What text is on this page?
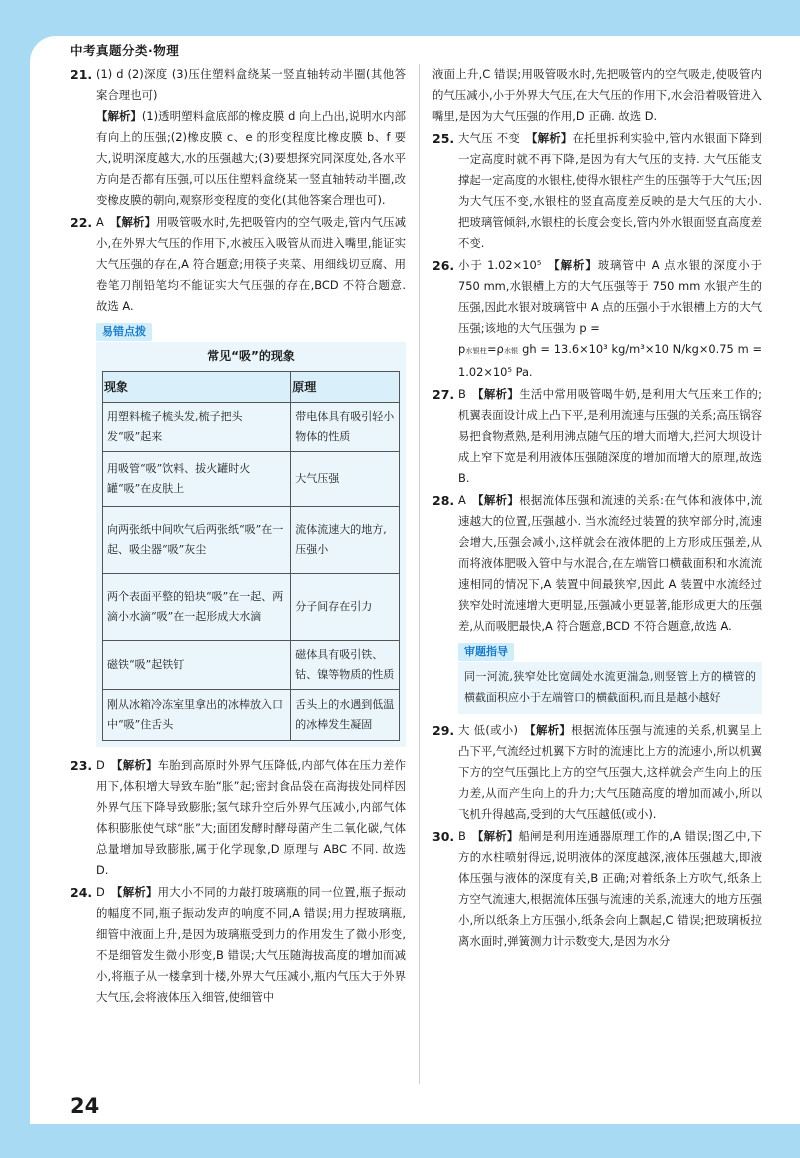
中考真题分类·物理
21. (1) d (2)深度 (3)压住塑料盒绕某一竖直轴转动半圈(其他答案合理也可)
【解析】(1)透明塑料盒底部的橡皮膜 d 向上凸出,说明水内部有向上的压强;(2)橡皮膜 c、e 的形变程度比橡皮膜 b、f 要大,说明深度越大,水的压强越大;(3)要想探究同深度处,各水平方向是否都有压强,可以压住塑料盒绕某一竖直轴转动半圈,改变橡皮膜的朝向,观察形变程度的变化(其他答案合理也可).
22. A 【解析】用吸管吸水时,先把吸管内的空气吸走,管内气压减小,在外界大气压的作用下,水被压入吸管从而进入嘴里,能证实大气压强的存在,A 符合题意;用筷子夹菜、用细线切豆腐、用卷笔刀削铅笔均不能证实大气压强的存在,BCD 不符合题意. 故选 A.
易错点拨
常见“吸”的现象
现象	原理
用塑料梳子梳头发,梳子把头发“吸”起来	带电体具有吸引轻小物体的性质
用吸管“吸”饮料、拔火罐时火罐“吸”在皮肤上	大气压强
向两张纸中间吹气后两张纸“吸”在一起、吸尘器“吸”灰尘	流体流速大的地方,压强小
两个表面平整的铅块“吸”在一起、两滴小水滴“吸”在一起形成大水滴	分子间存在引力
磁铁“吸”起铁钉	磁体具有吸引铁、钴、镍等物质的性质
刚从冰箱冷冻室里拿出的冰棒放入口中“吸”住舌头	舌头上的水遇到低温的冰棒发生凝固
23. D 【解析】车胎到高原时外界气压降低,内部气体在压力差作用下,体积增大导致车胎“胀”起;密封食品袋在高海拔处同样因外界气压下降导致膨胀;氢气球升空后外界气压减小,内部气体体积膨胀使气球“胀”大;面团发酵时酵母菌产生二氧化碳,气体总量增加导致膨胀,属于化学现象,D 原理与 ABC 不同. 故选 D.
24. D 【解析】用大小不同的力敲打玻璃瓶的同一位置,瓶子振动的幅度不同,瓶子振动发声的响度不同,A 错误;用力捏玻璃瓶,细管中液面上升,是因为玻璃瓶受到力的作用发生了微小形变,不是细管发生微小形变,B 错误;大气压随海拔高度的增加而减小,将瓶子从一楼拿到十楼,外界大气压减小,瓶内气压大于外界大气压,会将液体压入细管,使细管中
液面上升,C 错误;用吸管吸水时,先把吸管内的空气吸走,使吸管内的气压减小,小于外界大气压,在大气压的作用下,水会沿着吸管进入嘴里,是因为大气压强的作用,D 正确. 故选 D.
25. 大气压 不变 【解析】在托里拆利实验中,管内水银面下降到一定高度时就不再下降,是因为有大气压的支持. 大气压能支撑起一定高度的水银柱,使得水银柱产生的压强等于大气压;因为大气压不变,水银柱的竖直高度差反映的是大气压的大小. 把玻璃管倾斜,水银柱的长度会变长,管内外水银面竖直高度差不变.
26. 小于 1.02×10⁵ 【解析】玻璃管中 A 点水银的深度小于 750 mm,水银槽上方的大气压强等于 750 mm 水银产生的压强,因此水银对玻璃管中 A 点的压强小于水银槽上方的大气压强;该地的大气压强为 p =
p水银柱=ρ水银 gh = 13.6×10³ kg/m³×10 N/kg×0.75 m = 1.02×10⁵ Pa.
27. B 【解析】生活中常用吸管喝牛奶,是利用大气压来工作的;机翼表面设计成上凸下平,是利用流速与压强的关系;高压锅容易把食物煮熟,是利用沸点随气压的增大而增大,拦河大坝设计成上窄下宽是利用液体压强随深度的增加而增大的原理,故选 B.
28. A 【解析】根据流体压强和流速的关系:在气体和液体中,流速越大的位置,压强越小. 当水流经过装置的狭窄部分时,流速会增大,压强会减小,这样就会在液体肥的上方形成压强差,从而将液体肥吸入管中与水混合,在左端管口横截面积和水流流速相同的情况下,A 装置中间最狭窄,因此 A 装置中水流经过狭窄处时流速增大更明显,压强减小更显著,能形成更大的压强差,从而吸肥最快,A 符合题意,BCD 不符合题意,故选 A.
审题指导
同一河流,狭窄处比宽阔处水流更湍急,则竖管上方的横管的横截面积应小于左端管口的横截面积,而且是越小越好
29. 大 低(或小) 【解析】根据流体压强与流速的关系,机翼呈上凸下平,气流经过机翼下方时的流速比上方的流速小,所以机翼下方的空气压强比上方的空气压强大,这样就会产生向上的压力差,从而产生向上的升力;大气压随高度的增加而减小,所以飞机升得越高,受到的大气压越低(或小).
30. B 【解析】船闸是利用连通器原理工作的,A 错误;图乙中,下方的水柱喷射得远,说明液体的深度越深,液体压强越大,即液体压强与液体的深度有关,B 正确;对着纸条上方吹气,纸条上方空气流速大,根据流体压强与流速的关系,流速大的地方压强小,所以纸条上方压强小,纸条会向上飘起,C 错误;把玻璃板拉离水面时,弹簧测力计示数变大,是因为水分
24
